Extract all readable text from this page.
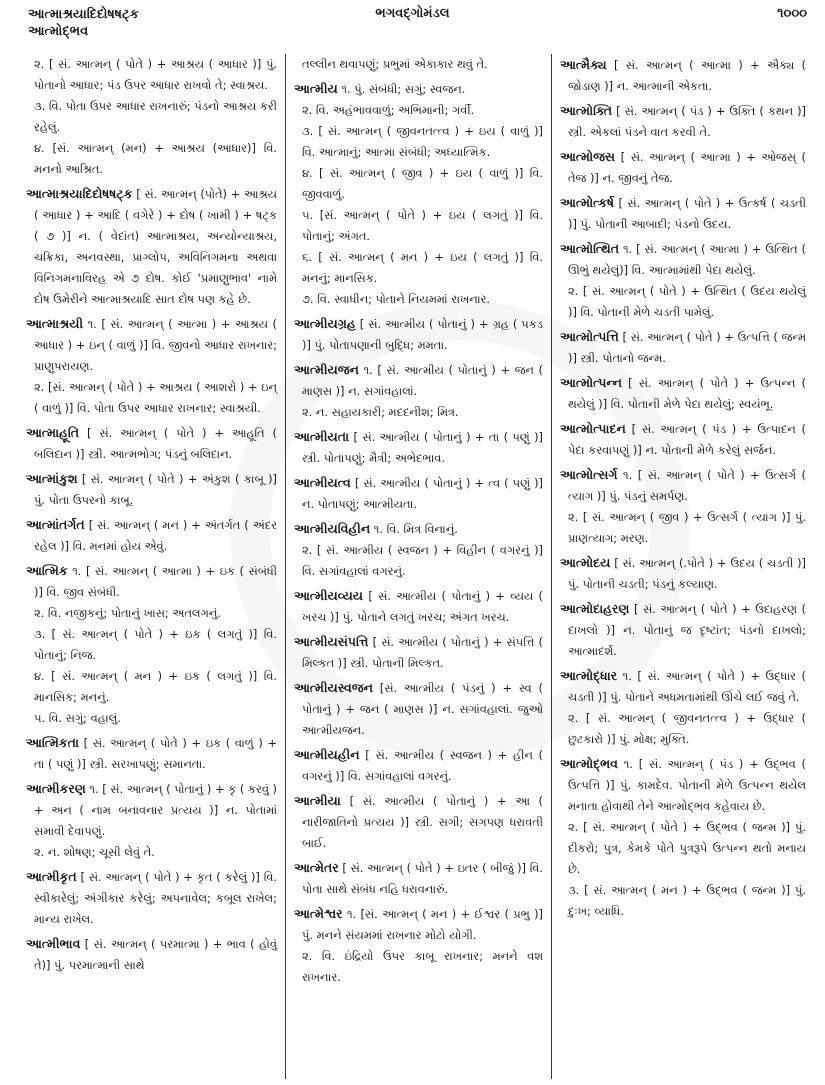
આત્માશ્રયાદિદોષષટ્ક
આત્મોદ્ભવ
ભગવદ્ગોમંડલ	૧૦૦૦
૨. [ સં. આત્મન્ ( પોતે ) + આશ્રય ( આધાર )] પું. પોતાનો આધાર; પંડ ઉપર આધાર રાખવો તે; સ્વાશ્રય.
૩. વિ. પોતા ઉપર આધાર રાખનારું; પંડનો આશ્રય કરી રહેલું.
૪. [સં. આત્મન્ (મન) + આશ્રય (આધાર)] વિ. મનનો આશ્રિત.
આત્માશ્રયાદિદોષષટ્ક [ સં. આત્મન્ (પોતે) + આશ્રય ( આધાર ) + આદિ ( વગેરે ) + દોષ ( ખામી ) + ષટ્ક ( ૭ )] ન. ( વેદાંત) આત્માશ્રય, અન્યોન્યાશ્રય, ચક્રિકા, અનવસ્થા, પ્રાગ્લોપ, અવિનિગમના અથવા વિનિગમનાવિરહ એ ૭ દોષ. કોઈ 'પ્રમાણુભાવ' નામે દોષ ઉમેરીને આત્માશ્રયાદિ સાત દોષ પણ કહે છે.
આત્માશ્રયી ૧. [ સં. આત્મન્ ( આત્મા ) + આશ્રય ( આધાર ) + ઇન્ ( વાળું )] વિ. જીવનો આધાર રાખનાર; પ્રાણુપરાયણ.
૨. [સં. આત્મન્ ( પોતે ) + આશ્રય ( આશરો ) + ઇન્ ( વાળું )] વિ. પોતા ઉપર આધાર રાખનાર; સ્વાશ્રયી.
આત્માહૂતિ [ સં. આત્મન્ ( પોતે ) + આહૂતિ ( બલિદાન )] સ્ત્રી. આત્મભોગ; પંડનું બલિદાન.
આત્માંકુશ [ સં. આત્મન્ ( પોતે ) + અંકુશ ( કાબૂ )] પું. પોતા ઉપરનો કાબૂ.
આત્માંતર્ગત [ સં. આત્મન્ ( મન ) + અંતર્ગત ( અંદર રહેલ )] વિ. મનમાં હોય એવું.
આત્મિક ૧. [ સં. આત્મન્ ( આત્મા ) + ઇક ( સંબંધી )] વિ. જીવ સંબંધી.
૨. વિ. નજીકનું; પોતાનું ખાસ; અતલગનું.
૩. [ સં. આત્મન્ ( પોતે ) + ઇક ( લગતું )] વિ. પોતાનું; નિજ.
૪. [ સં. આત્મન્ ( મન ) + ઇક ( લગતું )] વિ. માનસિક; મનનું.
૫. વિ. સગું; વહાલું.
આત્મિકતા [ સં. આત્મન્ ( પોતે ) + ઇક ( વાળું ) + તા ( પણું )] સ્ત્રી. સરખાપણું; સમાનતા.
આત્મીકરણ ૧. [ સં. આત્મન્ ( પોતાનું ) + કૃ ( કરવું ) + અન ( નામ બનાવનાર પ્રત્યય )] ન. પોતામાં સમાવી દેવાપણું.
૨. ન. શોષણ; ચૂસી લેવું તે.
આત્મીકૃત [ સં. આત્મન્ ( પોતે ) + કૃત ( કરેલું )] વિ. સ્વીકારેલું; અંગીકાર કરેલું; અપનાવેલ; કબૂલ રાખેલ; માન્ય રાખેલ.
આત્મીભાવ [ સં. આત્મન્ ( પરમાત્મા ) + ભાવ ( હોવું તે)] પું. પરમાત્માની સાથે
તલ્લીન થવાપણું; પ્રભુમાં એકાકાર થવું તે.
આત્મીય ૧. પું. સંબંધી; સગું; સ્વજન.
૨. વિ. અહંભાવવાળું; અભિમાની; ગર્વી.
૩. [ સં. આત્મન્ ( જીવનતત્ત્વ ) + ઇય ( વાળું )] વિ. આત્માનું; આત્મા સંબંધી; અધ્યાત્મિક.
૪. [ સં. આત્મન્ ( જીવ ) + ઇય ( વાળું )] વિ. જીવવાળું.
૫. [સં. આત્મન્ ( પોતે ) + ઇય ( લગતું )] વિ. પોતાનું; અંગત.
૬. [ સં. આત્મન્ ( મન ) + ઇય ( લગતું )] વિ. મનનું; માનસિક.
૭. વિ. સ્વાધીન; પોતાને નિયમમાં રાખનાર.
આત્મીયગ્રહ [ સં. આત્મીય ( પોતાનું ) + ગ્રહ ( પકડ )] પું. પોતાપણાની બુદ્ધિ; મમતા.
આત્મીયજન ૧. [ સં. આત્મીય ( પોતાનું ) + જન ( માણસ )] ન. સગાંવહાલાં.
૨. ન. સહાયકારી; મદદનીશ; મિત્ર.
આત્મીયતા [ સં. આત્મીય ( પોતાનું ) + તા ( પણું )] સ્ત્રી. પોતાપણું; મૈત્રી; અભેદભાવ.
આત્મીયત્વ [ સં. આત્મીય ( પોતાનું ) + ત્વ ( પણું )] ન. પોતાપણું; આત્મીયતા.
આત્મીયવિહીન ૧. વિ. મિત્ર વિનાનું.
૨. [ સં. આત્મીય ( સ્વજન ) + વિહીન ( વગરનું )] વિ. સગાંવહાલાં વગરનું.
આત્મીયવ્યય [ સં. આત્મીય ( પોતાનું ) + વ્યય ( ખરચ )] પું. પોતાને લગતું ખરચ; અંગત ખરચ.
આત્મીયસંપત્તિ [ સં. આત્મીય ( પોતાનું ) + સંપત્તિ ( મિલ્કત )] સ્ત્રી. પોતાની મિલ્કત.
આત્મીયસ્વજન [સં. આત્મીય ( પંડનું ) + સ્વ ( પોતાનું ) + જન ( માણસ )] ન. સગાંવહાલાં. જુઓ આત્મીયજન.
આત્મીયહીન [ સં. આત્મીય ( સ્વજન ) + હીન ( વગરનું )] વિ. સગાંવહાલાં વગરનું.
આત્મીયા [ સં. આત્મીય ( પોતાનું ) + આ ( નારીજાતિનો પ્રત્યય )] સ્ત્રી. સગી; સગપણ ધરાવતી બાઈ.
આત્મેતર [ સં. આત્મન્ ( પોતે ) + ઇતર ( બીજું )] વિ. પોતા સાથે સંબંધ નહિ ધરાવનારું.
આત્મેશ્વર ૧. [સં. આત્મન્ ( મન ) + ઈશ્વર ( પ્રભુ )] પું. મનને સંયમમાં રાખનાર મોટો યોગી.
૨. વિ. ઇંદ્રિયો ઉપર કાબૂ રાખનાર; મનને વશ રાખનાર.
આત્મૈક્ય [ સં. આત્મન્ ( આત્મા ) + ઐક્ય ( જોડાણ )] ન. આત્માની એકતા.
આત્મોક્તિ [ સં. આત્મન્ ( પંડ ) + ઉક્તિ ( કથન )] સ્ત્રી. એકલાં પંડને વાત કરવી તે.
આત્મોજસ [ સં. આત્મન્ ( આત્મા ) + ઓજસ્ ( તેજ )] ન. જીવનું તેજ.
આત્મોત્કર્ષ [ સં. આત્મન્ ( પોતે ) + ઉત્કર્ષ ( ચડતી )] પું. પોતાની આબાદી; પંડનો ઉદય.
આત્મોત્થિત ૧. [ સં. આત્મન્ ( આત્મા ) + ઉત્થિત ( ઊભું થયેલું)] વિ. આત્મામાંથી પેદા થયેલું.
૨. [ સં. આત્મન્ ( પોતે ) + ઉત્થિત ( ઉદય થયેલું )] વિ. પોતાની મેળે ચડતી પામેલું.
આત્મોત્પત્તિ [ સં. આત્મન્ ( પોતે ) + ઉત્પત્તિ ( જન્મ )] સ્ત્રી. પોતાનો જન્મ.
આત્મોત્પન્ન [ સં. આત્મન્ ( પોતે ) + ઉત્પન્ન ( થયેલું )] વિ. પોતાની મેળે પેદા થયેલું; સ્વયંભૂ.
આત્મોત્પાદન [ સં. આત્મન્ ( પંડ ) + ઉત્પાદન ( પેદા કરવાપણું )] ન. પોતાની મેળે કરેલું સર્જન.
આત્મોત્સર્ગ ૧. [ સં. આત્મન્ ( પોતે ) + ઉત્સર્ગ ( ત્યાગ )] પું. પંડનું સમર્પણ.
૨. [ સં. આત્મન્ ( જીવ ) + ઉત્સર્ગ ( ત્યાગ )] પું. પ્રાણત્યાગ; મરણ.
આત્મોદય [ સં. આત્મન્ (.પોતે ) + ઉદય ( ચડતી )] પું. પોતાની ચડતી; પંડનું કલ્યાણ.
આત્મોદાહરણ [ સં. આત્મન્ ( પોતે ) + ઉદાહરણ ( દાખલો )] ન. પોતાનું જ દૃષ્ટાંત; પંડનો દાખલો; આત્માદર્શ.
આત્મોદ્ધાર ૧. [ સં. આત્મન્ ( પોતે ) + ઉદ્ધાર ( ચડતી )] પું. પોતાને અધમતામાંથી ઊંચે લઈ જવું તે.
૨. [ સં. આત્મન્ ( જીવનતત્ત્વ ) + ઉદ્ધાર ( છુટકારો )] પું. મોક્ષ; મુક્તિ.
આત્મોદ્ભવ ૧. [ સં. આત્મન્ ( પંડ ) + ઉદ્ભવ ( ઉત્પત્તિ )] પું. કામદેવ. પોતાની મેળે ઉત્પન્ન થયેલ મનાતા હોવાથી તેને આત્મોદ્ભવ કહેવાય છે.
૨. [ સં. આત્મન્ ( પોતે ) + ઉદ્ભવ ( જન્મ )] પું. દીકરો; પુત્ર, કેમકે પોતે પુત્રરૂપે ઉત્પન્ન થતો મનાય છે.
૩. [ સં. આત્મન્ ( મન ) + ઉદ્ભવ ( જન્મ )] પું. દુઃખ; વ્યાધિ.
